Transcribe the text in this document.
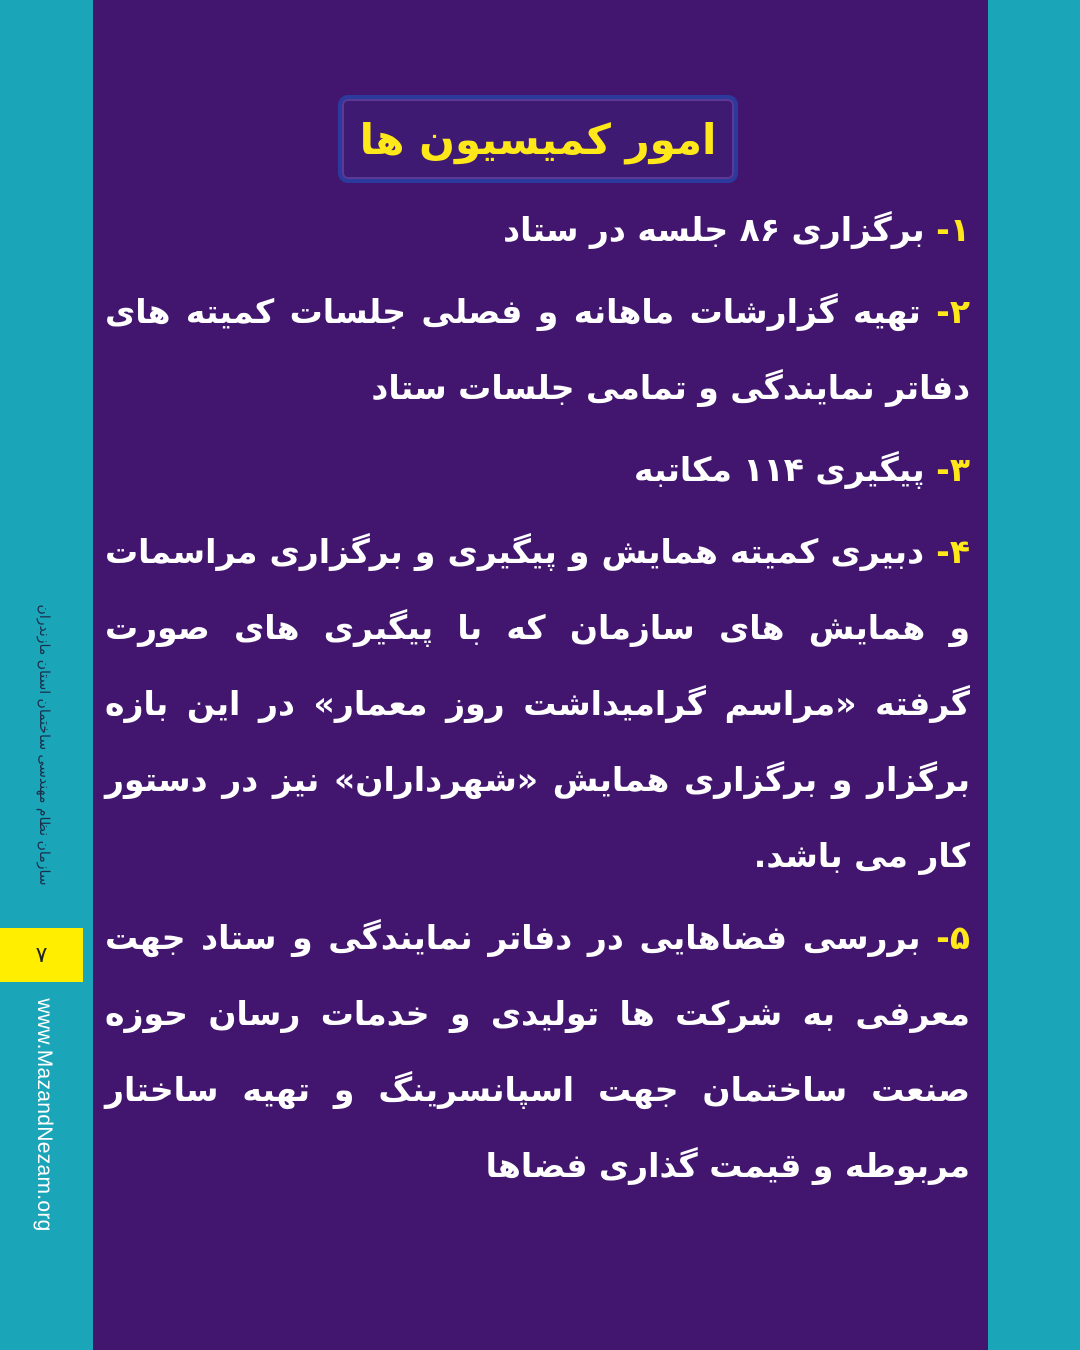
امور کمیسیون ها

۱- برگزاری ۸۶ جلسه در ستاد

۲- تهیه گزارشات ماهانه و فصلی جلسات کمیته های دفاتر نمایندگی و تمامی جلسات ستاد

۳- پیگیری ۱۱۴ مکاتبه

۴- دبیری کمیته همایش و پیگیری و برگزاری مراسمات و همایش های سازمان که با پیگیری های صورت گرفته «مراسم گرامیداشت روز معمار» در این بازه برگزار و برگزاری همایش «شهرداران» نیز در دستور کار می باشد.

۵- بررسی فضاهایی در دفاتر نمایندگی و ستاد جهت معرفی به شرکت ها تولیدی و خدمات رسان حوزه صنعت ساختمان جهت اسپانسرینگ و تهیه ساختار مربوطه و قیمت گذاری فضاها

سازمان نظام مهندسی ساختمان استان مازندران
۷
www.MazandNezam.org
